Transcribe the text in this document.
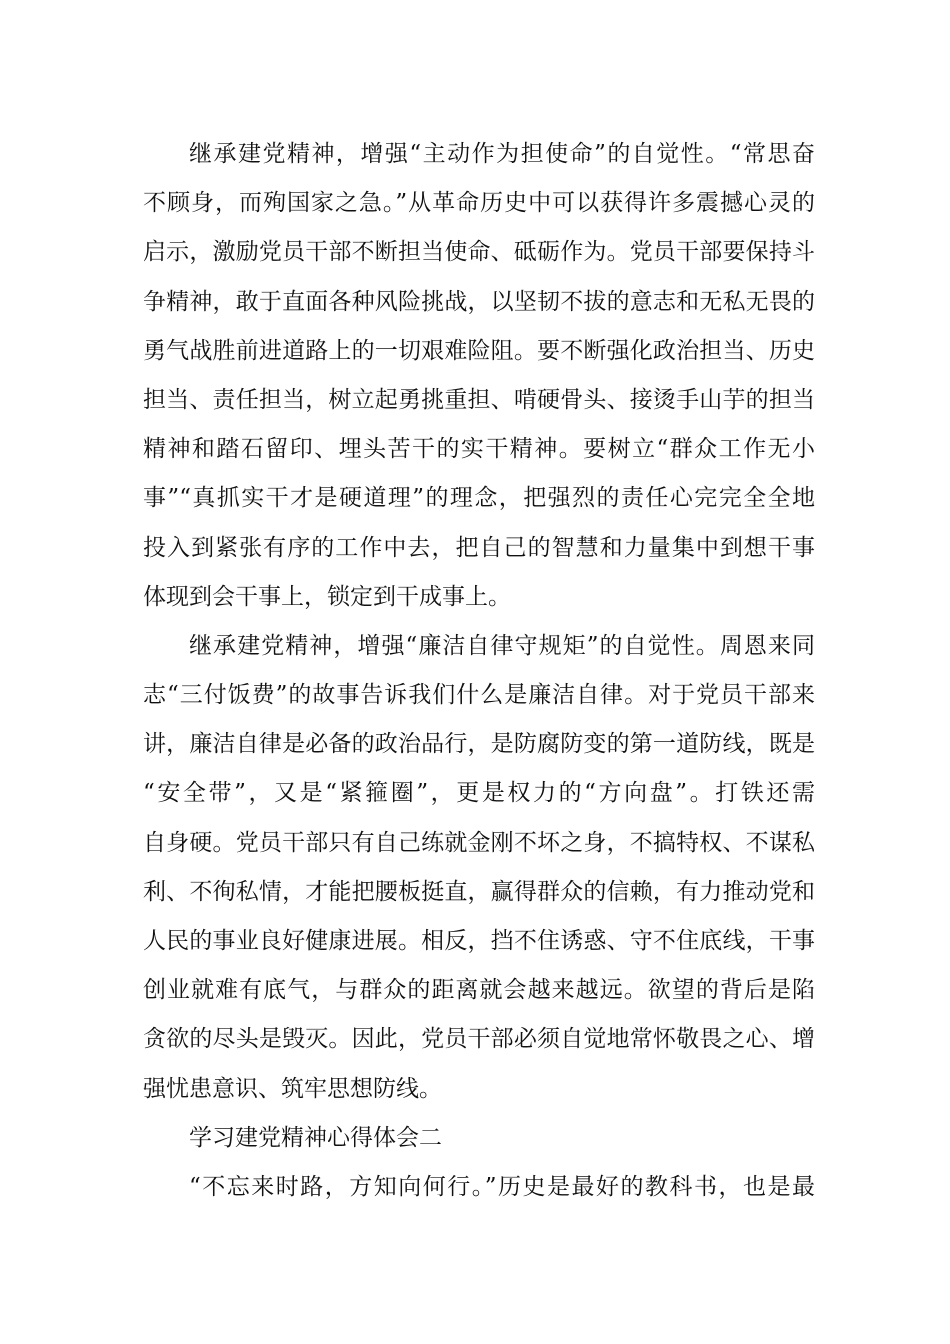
继承建党精神，增强“主动作为担使命”的自觉性。“常思奋
不顾身，而殉国家之急。”从革命历史中可以获得许多震撼心灵的
启示，激励党员干部不断担当使命、砥砺作为。党员干部要保持斗
争精神，敢于直面各种风险挑战，以坚韧不拔的意志和无私无畏的
勇气战胜前进道路上的一切艰难险阻。要不断强化政治担当、历史
担当、责任担当，树立起勇挑重担、啃硬骨头、接烫手山芋的担当
精神和踏石留印、埋头苦干的实干精神。要树立“群众工作无小
事”“真抓实干才是硬道理”的理念，把强烈的责任心完完全全地
投入到紧张有序的工作中去，把自己的智慧和力量集中到想干事
体现到会干事上，锁定到干成事上。
继承建党精神，增强“廉洁自律守规矩”的自觉性。周恩来同
志“三付饭费”的故事告诉我们什么是廉洁自律。对于党员干部来
讲，廉洁自律是必备的政治品行，是防腐防变的第一道防线，既是
“安全带”，又是“紧箍圈”，更是权力的“方向盘”。打铁还需
自身硬。党员干部只有自己练就金刚不坏之身，不搞特权、不谋私
利、不徇私情，才能把腰板挺直，赢得群众的信赖，有力推动党和
人民的事业良好健康进展。相反，挡不住诱惑、守不住底线，干事
创业就难有底气，与群众的距离就会越来越远。欲望的背后是陷
贪欲的尽头是毁灭。因此，党员干部必须自觉地常怀敬畏之心、增
强忧患意识、筑牢思想防线。
学习建党精神心得体会二
“不忘来时路，方知向何行。”历史是最好的教科书，也是最
